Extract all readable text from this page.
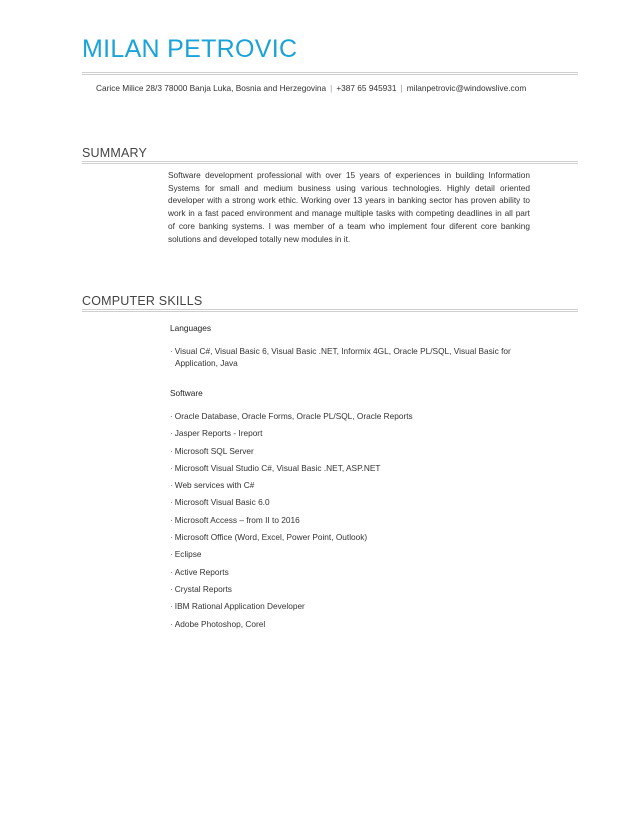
MILAN PETROVIC
Carice Milice 28/3 78000 Banja Luka, Bosnia and Herzegovina | +387 65 945931 | milanpetrovic@windowslive.com
SUMMARY

Software development professional with over 15 years of experiences in building Information Systems for small and medium business using various technologies. Highly detail oriented developer with a strong work ethic. Working over 13 years in banking sector has proven ability to work in a fast paced environment and manage multiple tasks with competing deadlines in all part of core banking systems. I was member of a team who implement four diferent core banking solutions and developed totally new modules in it.

COMPUTER SKILLS

Languages

· Visual C#, Visual Basic 6, Visual Basic .NET, Informix 4GL, Oracle PL/SQL, Visual Basic for Application, Java

Software

· Oracle Database, Oracle Forms, Oracle PL/SQL, Oracle Reports
· Jasper Reports - Ireport
· Microsoft SQL Server
· Microsoft Visual Studio C#, Visual Basic .NET, ASP.NET
· Web services with C#
· Microsoft Visual Basic 6.0
· Microsoft Access – from II to 2016
· Microsoft Office (Word, Excel, Power Point, Outlook)
· Eclipse
· Active Reports
· Crystal Reports
· IBM Rational Application Developer
· Adobe Photoshop, Corel
